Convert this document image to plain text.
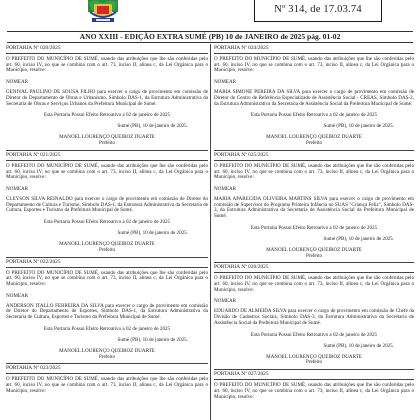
Nº 314, de 17.03.74
ANO XXIII - EDIÇÃO EXTRA SUMÉ (PB) 10 de JANEIRO de 2025 pág. 01-02
PORTARIA Nº 020/2025

O PREFEITO DO MUNICÍPIO DE SUMÉ, usando das atribuições que lhe são conferidas pelo art. 60, inciso IV, no que se combina com o art. 73, inciso II, alínea c, da Lei Orgânica para o Município, resolve:

NOMEAR

GENIVAL PAULINO DE SOUSA FILHO para exercer o cargo de provimento em comissão de Diretor do Departamento de Obras e Urbanismo, Símbolo DAS-1, da Estrutura Administrativa da Secretaria de Obras e Serviços Urbanos da Prefeitura Municipal de Sumé.

Esta Portaria Possui Efeito Retroativo a 02 de janeiro de 2025

Sumé (PB), 10 de janeiro de 2025.

MANOEL LOURENÇO QUEIROZ DUARTE

Prefeito

PORTARIA Nº 021/2025

O PREFEITO DO MUNICÍPIO DE SUMÉ, usando das atribuições que lhe são conferidas pelo art. 60, inciso IV, no que se combina com o art. 73, inciso II, alínea c, da Lei Orgânica para o Município, resolve:

NOMEAR

CLEYSON SILVA REINALDO para exercer o cargo de provimento em comissão de Diretor do Departamento de Cultura e Turismo, Símbolo DAS-1, da Estrutura Administrativa da Secretaria de Cultura, Esportes e Turismo da Prefeitura Municipal de Sumé.

Esta Portaria Possui Efeito Retroativo a 02 de janeiro de 2025

Sumé (PB), 10 de janeiro de 2025.

MANOEL LOURENÇO QUEIROZ DUARTE

Prefeito

PORTARIA Nº 022/2025

O PREFEITO DO MUNICÍPIO DE SUMÉ, usando das atribuições que lhe são conferidas pelo art. 60, inciso IV, no que se combina com o art. 73, inciso II, alínea c, da Lei Orgânica para o Município, resolve:

NOMEAR

ANDERSON ITALLO FERREIRA DA SILVA para exercer o cargo de provimento em comissão de Diretor do Departamento de Esportes, Símbolo DAS-1, da Estrutura Administrativa da Secretaria de Cultura, Esportes e Turismo da Prefeitura Municipal de Sumé.

Esta Portaria Possui Efeito Retroativo a 02 de janeiro de 2025

Sumé (PB), 10 de janeiro de 2025.

MANOEL LOURENÇO QUEIROZ DUARTE

Prefeito

PORTARIA Nº 023/2025

O PREFEITO DO MUNICÍPIO DE SUMÉ, usando das atribuições que lhe são conferidas pelo art. 60, inciso IV, no que se combina com o art. 73, inciso II, alínea c, da Lei Orgânica para o Município, resolve:

PORTARIA Nº 024/2025

O PREFEITO DO MUNICÍPIO DE SUMÉ, usando das atribuições que lhe são conferidas pelo art. 60, inciso IV, no que se combina com o art. 73, inciso II, alínea c, da Lei Orgânica para o Município, resolve:

NOMEAR

MARIA SIMONE PEREIRA DA SILVA para exercer o cargo de provimento em comissão de Diretor do Centro de Referência Especializado de Assistência Social - CREAS, Símbolo DAS-2, da Estrutura Administrativa da Secretaria de Assistência Social da Prefeitura Municipal de Sumé.

Esta Portaria Possui Efeito Retroativo a 02 de janeiro de 2025

Sumé (PB), 10 de janeiro de 2025.

MANOEL LOURENÇO QUEIROZ DUARTE

Prefeito

PORTARIA Nº 025/2025

O PREFEITO DO MUNICÍPIO DE SUMÉ, usando das atribuições que lhe são conferidas pelo art. 60, inciso IV, no que se combina com o art. 73, inciso II, alínea c, da Lei Orgânica para o Município, resolve:

NOMEAR

MARIA APARECIDA OLIVEIRA MARTINS SILVA para exercer o cargo de provimento em comissão de Supervisor do Programa Primeira Infância no SUAS "Criança Feliz", Símbolo DAS-3, da Estrutura Administrativa da Secretaria de Assistência Social da Prefeitura Municipal de Sumé.

Esta Portaria Possui Efeito Retroativo a 02 de janeiro de 2025

Sumé (PB), 10 de janeiro de 2025.

MANOEL LOURENÇO QUEIROZ DUARTE

Prefeito

PORTARIA Nº 026/2025

O PREFEITO DO MUNICÍPIO DE SUMÉ, usando das atribuições que lhe são conferidas pelo art. 60, inciso IV, no que se combina com o art. 73, inciso II, alínea c, da Lei Orgânica para o Município, resolve:

NOMEAR

EDUARDO DE ALMEIDA SILVA para exercer o cargo de provimento em comissão de Chefe da Divisão de Cadastros Sociais, Símbolo DAS-3, da Estrutura Administrativa da Secretaria de Assistência Social da Prefeitura Municipal de Sumé.

Esta Portaria Possui Efeito Retroativo a 02 de janeiro de 2025

Sumé (PB), 10 de janeiro de 2025.

MANOEL LOURENÇO QUEIROZ DUARTE

Prefeito

PORTARIA Nº 027/2025

O PREFEITO DO MUNICÍPIO DE SUMÉ, usando das atribuições que lhe são conferidas pelo art. 60, inciso IV, no que se combina com o art. 73, inciso II, alínea c, da Lei Orgânica para o Município, resolve:
